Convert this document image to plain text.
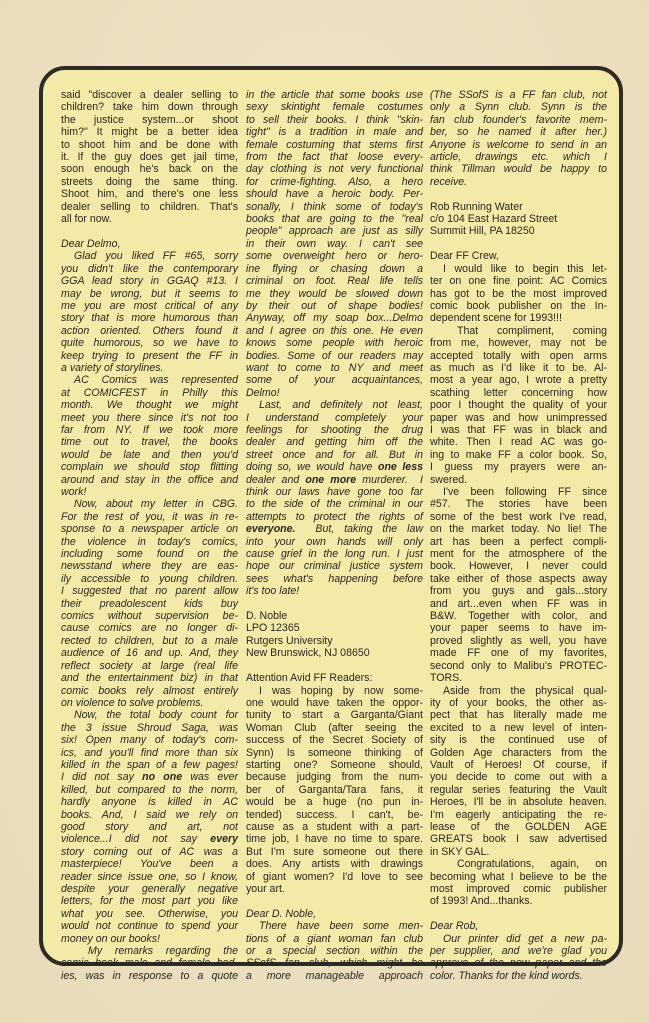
said "discover a dealer selling to
children? take him down through
the justice system...or shoot
him?" It might be a better idea
to shoot him and be done with
it. If the guy does get jail time,
soon enough he's back on the
streets doing the same thing.
Shoot him, and there's one less
dealer selling to children. That's
all for now.
Dear Delmo,
Glad you liked FF #65, sorry
you didn't like the contemporary
GGA lead story in GGAQ #13. I
may be wrong, but it seems to
me you are most critical of any
story that is more humorous than
action oriented. Others found it
quite humorous, so we have to
keep trying to present the FF in
a variety of storylines.
AC Comics was represented
at COMICFEST in Philly this
month. We thought we might
meet you there since it's not too
far from NY. If we took more
time out to travel, the books
would be late and then you'd
complain we should stop flitting
around and stay in the office and
work!
Now, about my letter in CBG.
For the rest of you, it was in re-
sponse to a newspaper article on
the violence in today's comics,
including some found on the
newsstand where they are eas-
ily accessible to young children.
I suggested that no parent allow
their preadolescent kids buy
comics without supervision be-
cause comics are no longer di-
rected to children, but to a male
audience of 16 and up. And, they
reflect society at large (real life
and the entertainment biz) in that
comic books rely almost entirely
on violence to solve problems.
Now, the total body count for
the 3 issue Shroud Saga, was
six! Open many of today's com-
ics, and you'll find more than six
killed in the span of a few pages!
I did not say no one was ever
killed, but compared to the norm,
hardly anyone is killed in AC
books. And, I said we rely on
good story and art, not
violence...I did not say every
story coming out of AC was a
masterpiece! You've been a
reader since issue one, so I know,
despite your generally negative
letters, for the most part you like
what you see. Otherwise, you
would not continue to spend your
money on our books!
My remarks regarding the
comic book male and female bod-
ies, was in response to a quote
in the article that some books use
sexy skintight female costumes
to sell their books. I think "skin-
tight" is a tradition in male and
female costuming that stems first
from the fact that loose every-
day clothing is not very functional
for crime-fighting. Also, a hero
should have a heroic body. Per-
sonally, I think some of today's
books that are going to the "real
people" approach are just as silly
in their own way. I can't see
some overweight hero or hero-
ine flying or chasing down a
criminal on foot. Real life tells
me they would be slowed down
by their out of shape bodies!
Anyway, off my soap box...Delmo
and I agree on this one. He even
knows some people with heroic
bodies. Some of our readers may
want to come to NY and meet
some of your acquaintances,
Delmo!
Last, and definitely not least,
I understand completely your
feelings for shooting the drug
dealer and getting him off the
street once and for all. But in
doing so, we would have one less
dealer and one more murderer.  I
think our laws have gone too far
to the side of the criminal in our
attempts to protect the rights of
everyone.  But, taking the law
into your own hands will only
cause grief in the long run. I just
hope our criminal justice system
sees what's happening before
it's too late!
D. Noble
LPO 12365
Rutgers University
New Brunswick, NJ 08650
Attention Avid FF Readers:
I was hoping by now some-
one would have taken the oppor-
tunity to start a Garganta/Giant
Woman Club (after seeing the
success of the Secret Society of
Synn) Is someone thinking of
starting one? Someone should,
because judging from the num-
ber of Garganta/Tara fans, it
would be a huge (no pun in-
tended) success. I can't, be-
cause as a student with a part-
time job, I have no time to spare.
But I'm sure someone out there
does. Any artists with drawings
of giant women? I'd love to see
your art.
Dear D. Noble,
There have been some men-
tions of a giant woman fan club
or a special section within the
SSofS fan club, which might be
a more manageable approach
(The SSofS is a FF fan club, not
only a Synn club. Synn is the
fan club founder's favorite mem-
ber, so he named it after her.)
Anyone is welcome to send in an
article, drawings etc. which I
think Tillman would be happy to
receive.
Rob Running Water
c/o 104 East Hazard Street
Summit Hill, PA 18250
Dear FF Crew,
I would like to begin this let-
ter on one fine point: AC Comics
has got to be the most improved
comic book publisher on the In-
dependent scene for 1993!!!
That compliment, coming
from me, however, may not be
accepted totally with open arms
as much as I'd like it to be. Al-
most a year ago, I wrote a pretty
scathing letter concerning how
poor I thought the quality of your
paper was and how unimpressed
I was that FF was in black and
white. Then I read AC was go-
ing to make FF a color book. So,
I guess my prayers were an-
swered.
I've been following FF since
#57. The stories have been
some of the best work I've read,
on the market today. No lie! The
art has been a perfect compli-
ment for the atmosphere of the
book. However, I never could
take either of those aspects away
from you guys and gals...story
and art...even when FF was in
B&W. Together with color, and
your paper seems to have im-
proved slightly as well, you have
made FF one of my favorites,
second only to Malibu's PROTEC-
TORS.
Aside from the physical qual-
ity of your books, the other as-
pect that has literally made me
excited to a new level of inten-
sity is the continued use of
Golden Age characters from the
Vault of Heroes! Of course, if
you decide to come out with a
regular series featuring the Vault
Heroes, I'll be in absolute heaven.
I'm eagerly anticipating the re-
lease of the GOLDEN AGE
GREATS book I saw advertised
in SKY GAL.
Congratulations, again, on
becoming what I believe to be the
most improved comic publisher
of 1993! And...thanks.
Dear Rob,
Our printer did get a new pa-
per supplier, and we're glad you
approve of the new paper and the
color. Thanks for the kind words.
